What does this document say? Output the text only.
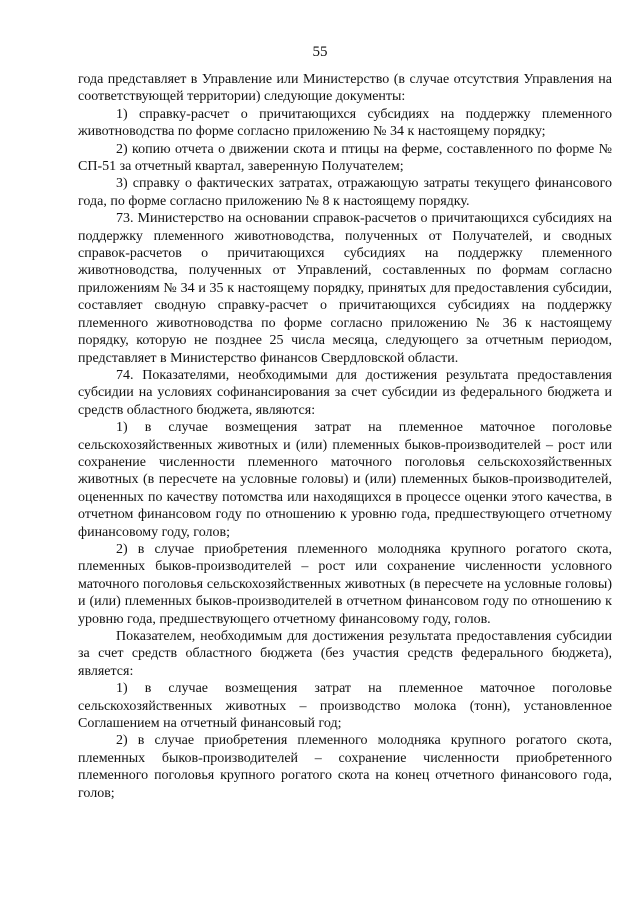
55

года представляет в Управление или Министерство (в случае отсутствия Управления на соответствующей территории) следующие документы:

1) справку-расчет о причитающихся субсидиях на поддержку племенного животноводства по форме согласно приложению № 34 к настоящему порядку;

2) копию отчета о движении скота и птицы на ферме, составленного по форме № СП-51 за отчетный квартал, заверенную Получателем;

3) справку о фактических затратах, отражающую затраты текущего финансового года, по форме согласно приложению № 8 к настоящему порядку.

73. Министерство на основании справок-расчетов о причитающихся субсидиях на поддержку племенного животноводства, полученных от Получателей, и сводных справок-расчетов о причитающихся субсидиях на поддержку племенного животноводства, полученных от Управлений, составленных по формам согласно приложениям № 34 и 35 к настоящему порядку, принятых для предоставления субсидии, составляет сводную справку-расчет о причитающихся субсидиях на поддержку племенного животноводства по форме согласно приложению № 36 к настоящему порядку, которую не позднее 25 числа месяца, следующего за отчетным периодом, представляет в Министерство финансов Свердловской области.

74. Показателями, необходимыми для достижения результата предоставления субсидии на условиях софинансирования за счет субсидии из федерального бюджета и средств областного бюджета, являются:

1) в случае возмещения затрат на племенное маточное поголовье сельскохозяйственных животных и (или) племенных быков-производителей – рост или сохранение численности племенного маточного поголовья сельскохозяйственных животных (в пересчете на условные головы) и (или) племенных быков-производителей, оцененных по качеству потомства или находящихся в процессе оценки этого качества, в отчетном финансовом году по отношению к уровню года, предшествующего отчетному финансовому году, голов;

2) в случае приобретения племенного молодняка крупного рогатого скота, племенных быков-производителей – рост или сохранение численности условного маточного поголовья сельскохозяйственных животных (в пересчете на условные головы) и (или) племенных быков-производителей в отчетном финансовом году по отношению к уровню года, предшествующего отчетному финансовому году, голов.

Показателем, необходимым для достижения результата предоставления субсидии за счет средств областного бюджета (без участия средств федерального бюджета), является:

1) в случае возмещения затрат на племенное маточное поголовье сельскохозяйственных животных – производство молока (тонн), установленное Соглашением на отчетный финансовый год;

2) в случае приобретения племенного молодняка крупного рогатого скота, племенных быков-производителей – сохранение численности приобретенного племенного поголовья крупного рогатого скота на конец отчетного финансового года, голов;
